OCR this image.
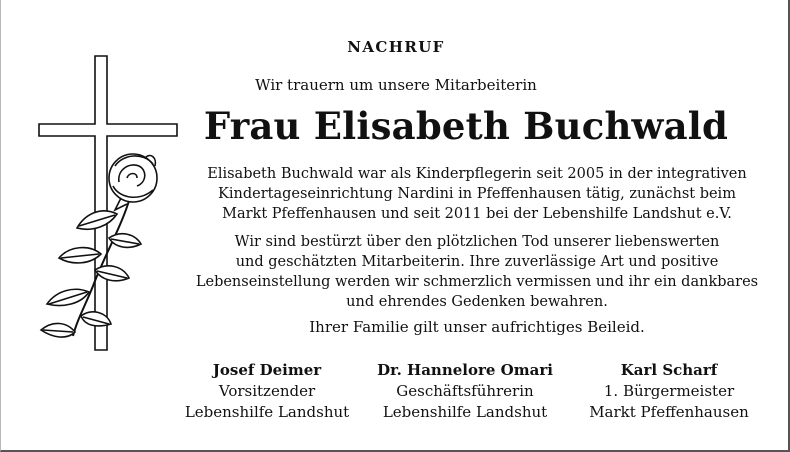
NACHRUF
Wir trauern um unsere Mitarbeiterin
Frau Elisabeth Buchwald
Elisabeth Buchwald war als Kinderpflegerin seit 2005 in der integrativen
Kindertageseinrichtung Nardini in Pfeffenhausen tätig, zunächst beim
Markt Pfeffenhausen und seit 2011 bei der Lebenshilfe Landshut e.V.
Wir sind bestürzt über den plötzlichen Tod unserer liebenswerten
und geschätzten Mitarbeiterin. Ihre zuverlässige Art und positive
Lebenseinstellung werden wir schmerzlich vermissen und ihr ein dankbares
und ehrendes Gedenken bewahren.
Ihrer Familie gilt unser aufrichtiges Beileid.
Josef Deimer
Vorsitzender
Lebenshilfe Landshut
Dr. Hannelore Omari
Geschäftsführerin
Lebenshilfe Landshut
Karl Scharf
1. Bürgermeister
Markt Pfeffenhausen
